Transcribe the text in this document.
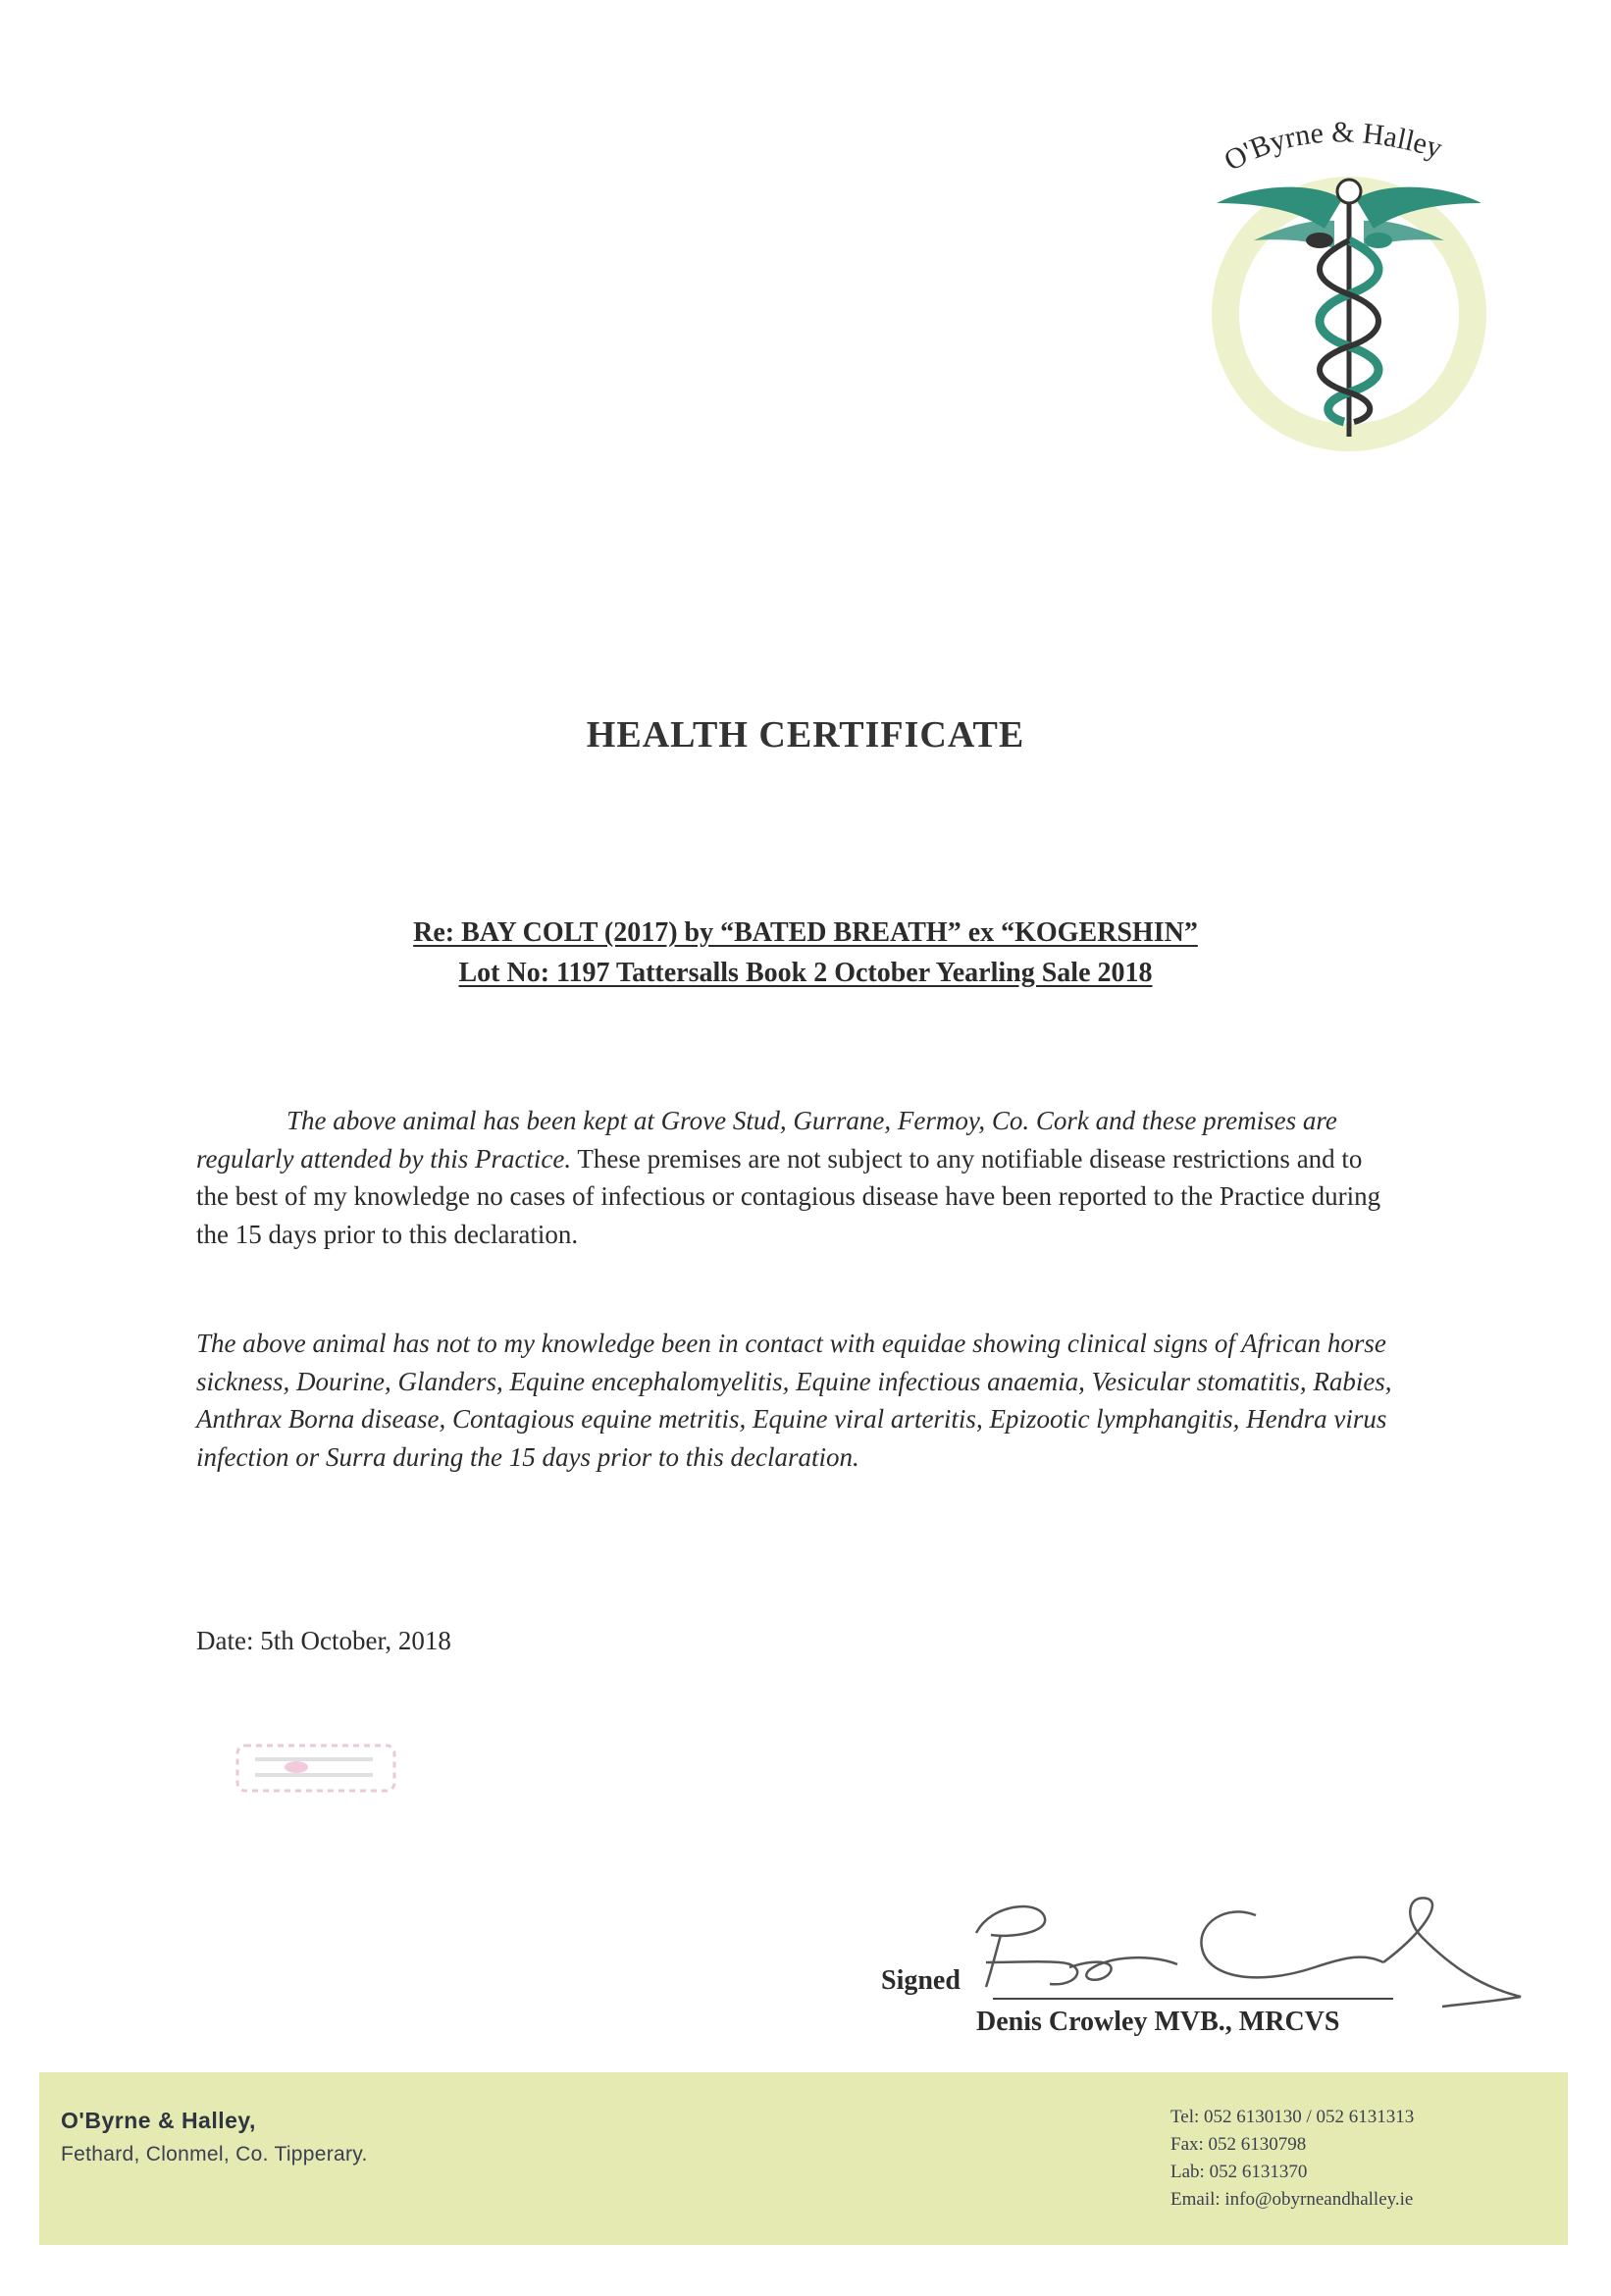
O'Byrne & Halley
HEALTH CERTIFICATE
Re: BAY COLT (2017) by “BATED BREATH” ex “KOGERSHIN”
Lot No: 1197 Tattersalls Book 2 October Yearling Sale 2018
The above animal has been kept at Grove Stud, Gurrane, Fermoy, Co. Cork and these premises are regularly attended by this Practice. These premises are not subject to any notifiable disease restrictions and to the best of my knowledge no cases of infectious or contagious disease have been reported to the Practice during the 15 days prior to this declaration.
The above animal has not to my knowledge been in contact with equidae showing clinical signs of African horse sickness, Dourine, Glanders, Equine encephalomyelitis, Equine infectious anaemia, Vesicular stomatitis, Rabies, Anthrax Borna disease, Contagious equine metritis, Equine viral arteritis, Epizootic lymphangitis, Hendra virus infection or Surra during the 15 days prior to this declaration.
Date: 5th October, 2018
Signed
Denis Crowley MVB., MRCVS
O'Byrne & Halley,
Fethard, Clonmel, Co. Tipperary.
Tel: 052 6130130 / 052 6131313
Fax: 052 6130798
Lab: 052 6131370
Email: info@obyrneandhalley.ie
